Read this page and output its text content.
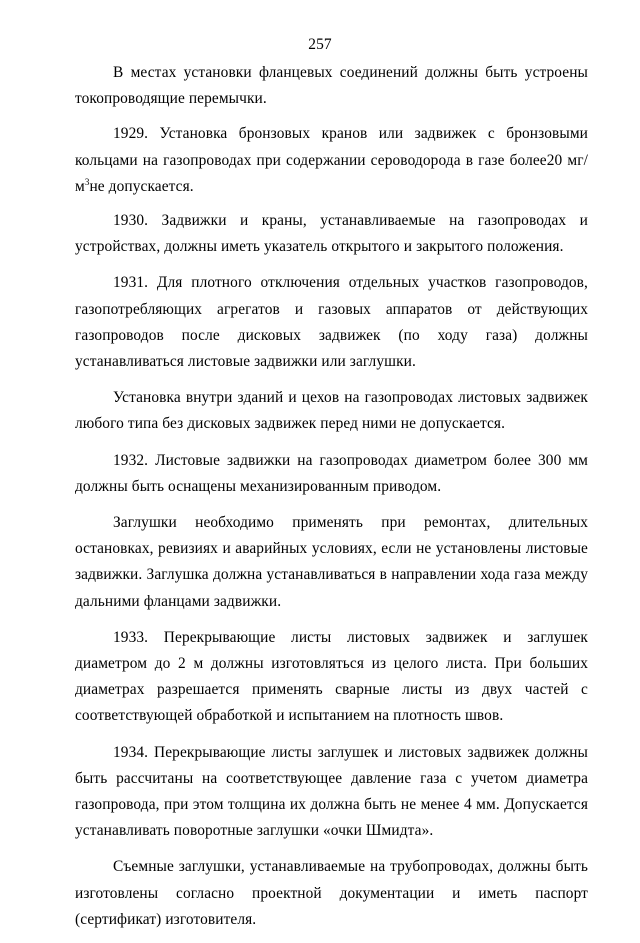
257

В местах установки фланцевых соединений должны быть устроены токопроводящие перемычки.

1929. Установка бронзовых кранов или задвижек с бронзовыми кольцами на газопроводах при содержании сероводорода в газе более20 $мг/м^3не$ допускается.

1930. Задвижки и краны, устанавливаемые на газопроводах и устройствах, должны иметь указатель открытого и закрытого положения.

1931. Для плотного отключения отдельных участков газопроводов, газопотребляющих агрегатов и газовых аппаратов от действующих газопроводов после дисковых задвижек (по ходу газа) должны устанавливаться листовые задвижки или заглушки.

Установка внутри зданий и цехов на газопроводах листовых задвижек любого типа без дисковых задвижек перед ними не допускается.

1932. Листовые задвижки на газопроводах диаметром более 300 мм должны быть оснащены механизированным приводом.

Заглушки необходимо применять при ремонтах, длительных остановках, ревизиях и аварийных условиях, если не установлены листовые задвижки. Заглушка должна устанавливаться в направлении хода газа между дальними фланцами задвижки.

1933. Перекрывающие листы листовых задвижек и заглушек диаметром до 2 м должны изготовляться из целого листа. При больших диаметрах разрешается применять сварные листы из двух частей с соответствующей обработкой и испытанием на плотность швов.

1934. Перекрывающие листы заглушек и листовых задвижек должны быть рассчитаны на соответствующее давление газа с учетом диаметра газопровода, при этом толщина их должна быть не менее 4 мм. Допускается устанавливать поворотные заглушки «очки Шмидта».

Съемные заглушки, устанавливаемые на трубопроводах, должны быть изготовлены согласно проектной документации и иметь паспорт (сертификат) изготовителя.
